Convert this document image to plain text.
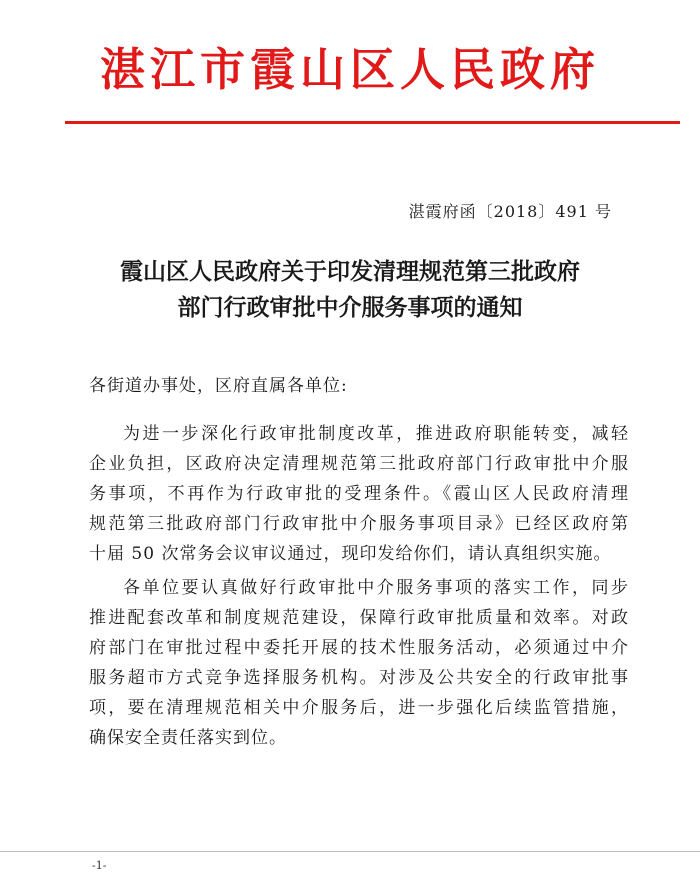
湛江市霞山区人民政府
湛霞府函〔2018〕491 号
霞山区人民政府关于印发清理规范第三批政府
部门行政审批中介服务事项的通知
各街道办事处，区府直属各单位:
为进一步深化行政审批制度改革，推进政府职能转变，减轻
企业负担，区政府决定清理规范第三批政府部门行政审批中介服
务事项，不再作为行政审批的受理条件。《霞山区人民政府清理
规范第三批政府部门行政审批中介服务事项目录》已经区政府第
十届 50 次常务会议审议通过，现印发给你们，请认真组织实施。
各单位要认真做好行政审批中介服务事项的落实工作，同步
推进配套改革和制度规范建设，保障行政审批质量和效率。对政
府部门在审批过程中委托开展的技术性服务活动，必须通过中介
服务超市方式竞争选择服务机构。对涉及公共安全的行政审批事
项，要在清理规范相关中介服务后，进一步强化后续监管措施，
确保安全责任落实到位。
-1-
